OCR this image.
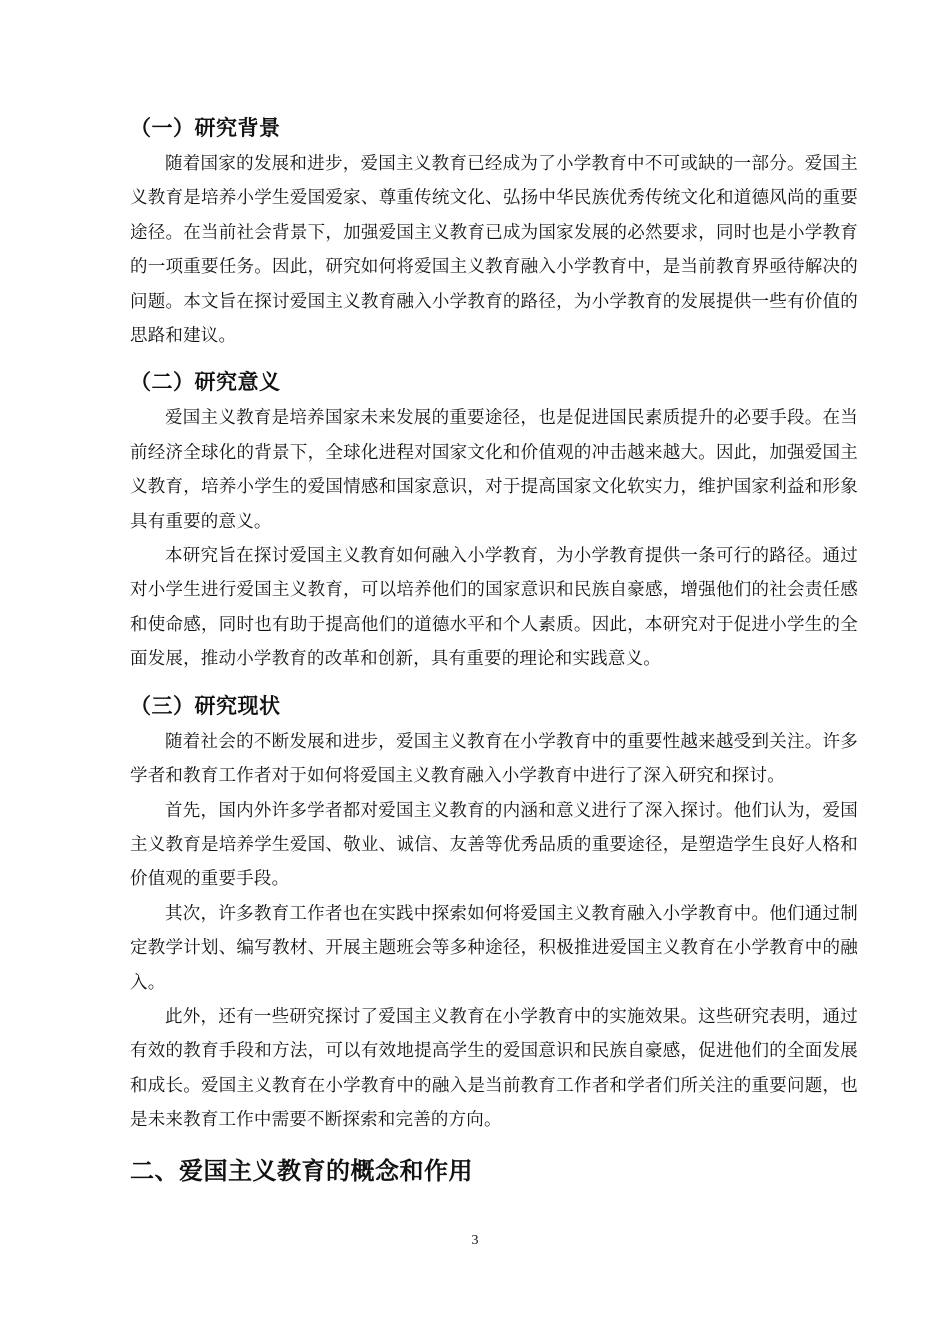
（一）研究背景

随着国家的发展和进步，爱国主义教育已经成为了小学教育中不可或缺的一部分。爱国主义教育是培养小学生爱国爱家、尊重传统文化、弘扬中华民族优秀传统文化和道德风尚的重要途径。在当前社会背景下，加强爱国主义教育已成为国家发展的必然要求，同时也是小学教育的一项重要任务。因此，研究如何将爱国主义教育融入小学教育中，是当前教育界亟待解决的问题。本文旨在探讨爱国主义教育融入小学教育的路径，为小学教育的发展提供一些有价值的思路和建议。

（二）研究意义

爱国主义教育是培养国家未来发展的重要途径，也是促进国民素质提升的必要手段。在当前经济全球化的背景下，全球化进程对国家文化和价值观的冲击越来越大。因此，加强爱国主义教育，培养小学生的爱国情感和国家意识，对于提高国家文化软实力，维护国家利益和形象具有重要的意义。

本研究旨在探讨爱国主义教育如何融入小学教育，为小学教育提供一条可行的路径。通过对小学生进行爱国主义教育，可以培养他们的国家意识和民族自豪感，增强他们的社会责任感和使命感，同时也有助于提高他们的道德水平和个人素质。因此，本研究对于促进小学生的全面发展，推动小学教育的改革和创新，具有重要的理论和实践意义。

（三）研究现状

随着社会的不断发展和进步，爱国主义教育在小学教育中的重要性越来越受到关注。许多学者和教育工作者对于如何将爱国主义教育融入小学教育中进行了深入研究和探讨。

首先，国内外许多学者都对爱国主义教育的内涵和意义进行了深入探讨。他们认为，爱国主义教育是培养学生爱国、敬业、诚信、友善等优秀品质的重要途径，是塑造学生良好人格和价值观的重要手段。

其次，许多教育工作者也在实践中探索如何将爱国主义教育融入小学教育中。他们通过制定教学计划、编写教材、开展主题班会等多种途径，积极推进爱国主义教育在小学教育中的融入。

此外，还有一些研究探讨了爱国主义教育在小学教育中的实施效果。这些研究表明，通过有效的教育手段和方法，可以有效地提高学生的爱国意识和民族自豪感，促进他们的全面发展和成长。爱国主义教育在小学教育中的融入是当前教育工作者和学者们所关注的重要问题，也是未来教育工作中需要不断探索和完善的方向。

二、爱国主义教育的概念和作用
3
